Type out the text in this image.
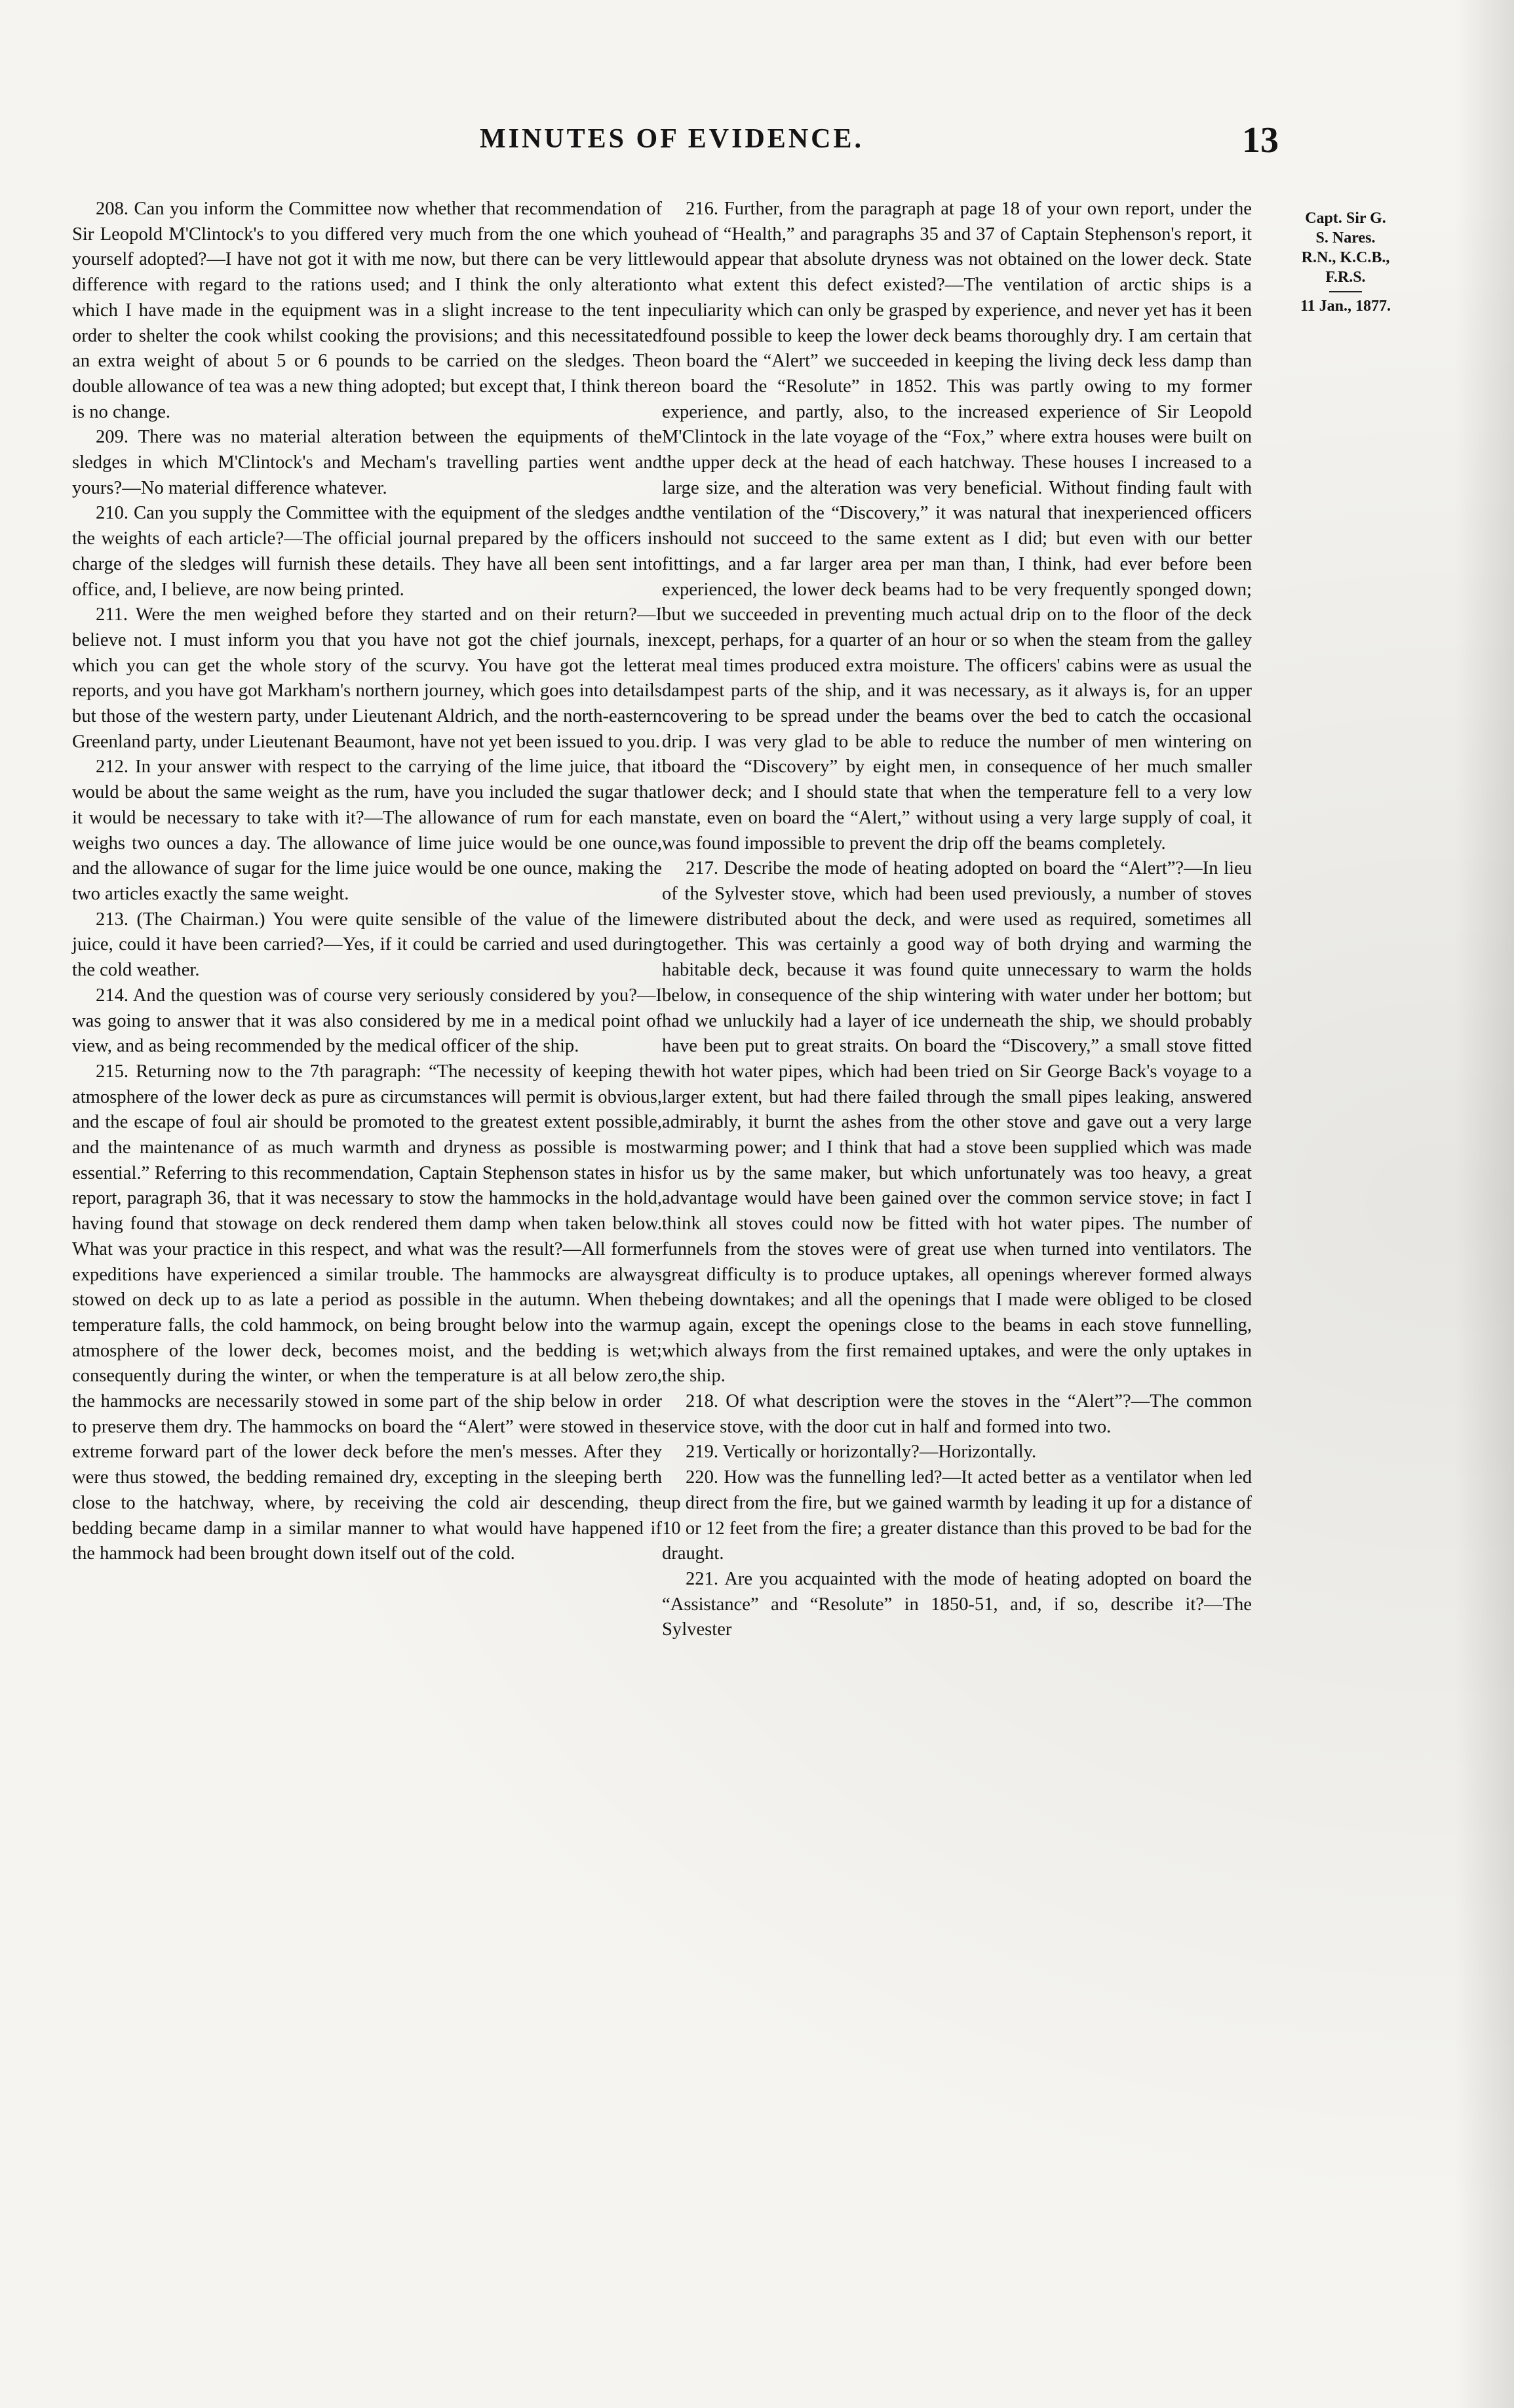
MINUTES OF EVIDENCE.	13

208. Can you inform the Committee now whether that recommendation of Sir Leopold M'Clintock's to you differed very much from the one which you yourself adopted?—I have not got it with me now, but there can be very little difference with regard to the rations used; and I think the only alteration which I have made in the equipment was in a slight increase to the tent in order to shelter the cook whilst cooking the provisions; and this necessitated an extra weight of about 5 or 6 pounds to be carried on the sledges. The double allowance of tea was a new thing adopted; but except that, I think there is no change.

209. There was no material alteration between the equipments of the sledges in which M'Clintock's and Mecham's travelling parties went and yours?—No material difference whatever.

210. Can you supply the Committee with the equipment of the sledges and the weights of each article?—The official journal prepared by the officers in charge of the sledges will furnish these details. They have all been sent into office, and, I believe, are now being printed.

211. Were the men weighed before they started and on their return?—I believe not. I must inform you that you have not got the chief journals, in which you can get the whole story of the scurvy. You have got the letter reports, and you have got Markham's northern journey, which goes into details but those of the western party, under Lieutenant Aldrich, and the north-eastern Greenland party, under Lieutenant Beaumont, have not yet been issued to you.

212. In your answer with respect to the carrying of the lime juice, that it would be about the same weight as the rum, have you included the sugar that it would be necessary to take with it?—The allowance of rum for each man weighs two ounces a day. The allowance of lime juice would be one ounce, and the allowance of sugar for the lime juice would be one ounce, making the two articles exactly the same weight.

213. (The Chairman.) You were quite sensible of the value of the lime juice, could it have been carried?—Yes, if it could be carried and used during the cold weather.

214. And the question was of course very seriously considered by you?—I was going to answer that it was also considered by me in a medical point of view, and as being recommended by the medical officer of the ship.

215. Returning now to the 7th paragraph: “The necessity of keeping the atmosphere of the lower deck as pure as circumstances will permit is obvious, and the escape of foul air should be promoted to the greatest extent possible, and the maintenance of as much warmth and dryness as possible is most essential.” Referring to this recommendation, Captain Stephenson states in his report, paragraph 36, that it was necessary to stow the hammocks in the hold, having found that stowage on deck rendered them damp when taken below. What was your practice in this respect, and what was the result?—All former expeditions have experienced a similar trouble. The hammocks are always stowed on deck up to as late a period as possible in the autumn. When the temperature falls, the cold hammock, on being brought below into the warm atmosphere of the lower deck, becomes moist, and the bedding is wet; consequently during the winter, or when the temperature is at all below zero, the hammocks are necessarily stowed in some part of the ship below in order to preserve them dry. The hammocks on board the “Alert” were stowed in the extreme forward part of the lower deck before the men's messes. After they were thus stowed, the bedding remained dry, excepting in the sleeping berth close to the hatchway, where, by receiving the cold air descending, the bedding became damp in a similar manner to what would have happened if the hammock had been brought down itself out of the cold.

216. Further, from the paragraph at page 18 of your own report, under the head of “Health,” and paragraphs 35 and 37 of Captain Stephenson's report, it would appear that absolute dryness was not obtained on the lower deck. State to what extent this defect existed?—The ventilation of arctic ships is a peculiarity which can only be grasped by experience, and never yet has it been found possible to keep the lower deck beams thoroughly dry. I am certain that on board the “Alert” we succeeded in keeping the living deck less damp than on board the “Resolute” in 1852. This was partly owing to my former experience, and partly, also, to the increased experience of Sir Leopold M'Clintock in the late voyage of the “Fox,” where extra houses were built on the upper deck at the head of each hatchway. These houses I increased to a large size, and the alteration was very beneficial. Without finding fault with the ventilation of the “Discovery,” it was natural that inexperienced officers should not succeed to the same extent as I did; but even with our better fittings, and a far larger area per man than, I think, had ever before been experienced, the lower deck beams had to be very frequently sponged down; but we succeeded in preventing much actual drip on to the floor of the deck except, perhaps, for a quarter of an hour or so when the steam from the galley at meal times produced extra moisture. The officers' cabins were as usual the dampest parts of the ship, and it was necessary, as it always is, for an upper covering to be spread under the beams over the bed to catch the occasional drip. I was very glad to be able to reduce the number of men wintering on board the “Discovery” by eight men, in consequence of her much smaller lower deck; and I should state that when the temperature fell to a very low state, even on board the “Alert,” without using a very large supply of coal, it was found impossible to prevent the drip off the beams completely.

217. Describe the mode of heating adopted on board the “Alert”?—In lieu of the Sylvester stove, which had been used previously, a number of stoves were distributed about the deck, and were used as required, sometimes all together. This was certainly a good way of both drying and warming the habitable deck, because it was found quite unnecessary to warm the holds below, in consequence of the ship wintering with water under her bottom; but had we unluckily had a layer of ice underneath the ship, we should probably have been put to great straits. On board the “Discovery,” a small stove fitted with hot water pipes, which had been tried on Sir George Back's voyage to a larger extent, but had there failed through the small pipes leaking, answered admirably, it burnt the ashes from the other stove and gave out a very large warming power; and I think that had a stove been supplied which was made for us by the same maker, but which unfortunately was too heavy, a great advantage would have been gained over the common service stove; in fact I think all stoves could now be fitted with hot water pipes. The number of funnels from the stoves were of great use when turned into ventilators. The great difficulty is to produce uptakes, all openings wherever formed always being downtakes; and all the openings that I made were obliged to be closed up again, except the openings close to the beams in each stove funnelling, which always from the first remained uptakes, and were the only uptakes in the ship.

218. Of what description were the stoves in the “Alert”?—The common service stove, with the door cut in half and formed into two.

219. Vertically or horizontally?—Horizontally.

220. How was the funnelling led?—It acted better as a ventilator when led up direct from the fire, but we gained warmth by leading it up for a distance of 10 or 12 feet from the fire; a greater distance than this proved to be bad for the draught.

221. Are you acquainted with the mode of heating adopted on board the “Assistance” and “Resolute” in 1850-51, and, if so, describe it?—The Sylvester

Capt. Sir G.
S. Nares.
R.N., K.C.B.,
F.R.S.
11 Jan., 1877.
